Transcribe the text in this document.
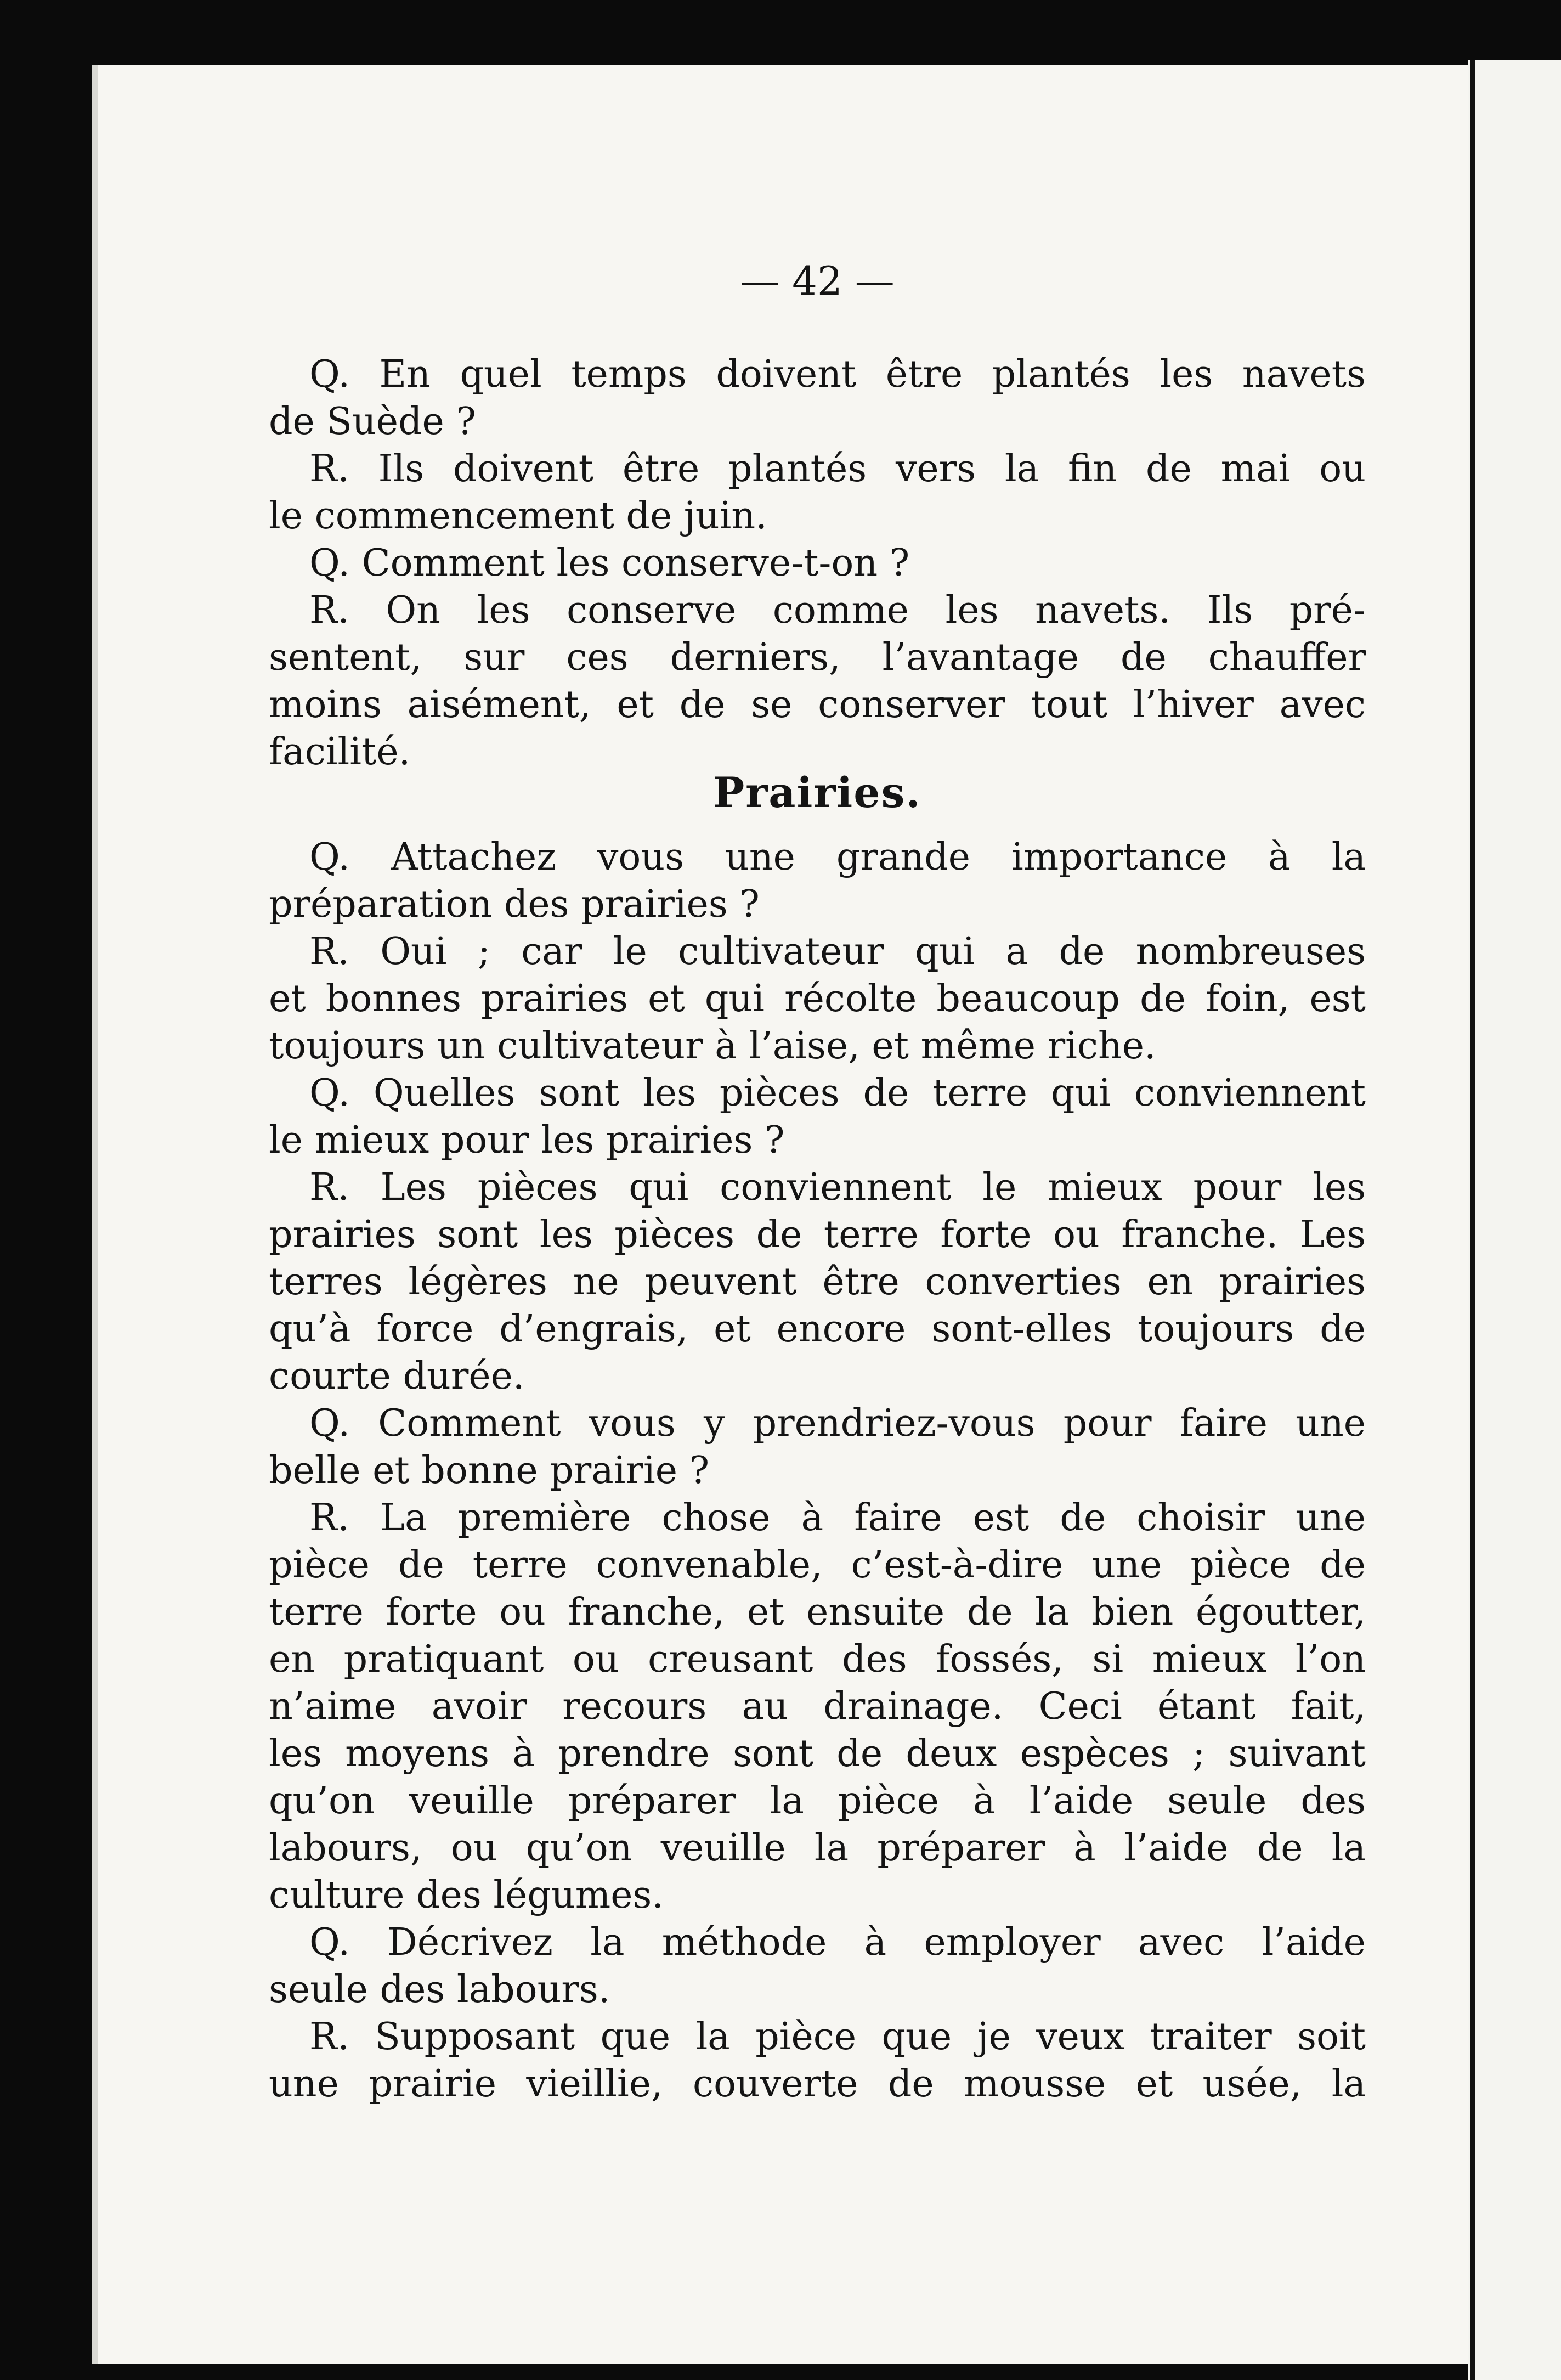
— 42 —
Q. En quel temps doivent être plantés les navets
de Suède ?
R. Ils doivent être plantés vers la fin de mai ou
le commencement de juin.
Q. Comment les conserve-t-on ?
R. On les conserve comme les navets. Ils pré-
sentent, sur ces derniers, l’avantage de chauffer
moins aisément, et de se conserver tout l’hiver avec
facilité.
Prairies.
Q. Attachez vous une grande importance à la
préparation des prairies ?
R. Oui ; car le cultivateur qui a de nombreuses
et bonnes prairies et qui récolte beaucoup de foin, est
toujours un cultivateur à l’aise, et même riche.
Q. Quelles sont les pièces de terre qui conviennent
le mieux pour les prairies ?
R. Les pièces qui conviennent le mieux pour les
prairies sont les pièces de terre forte ou franche. Les
terres légères ne peuvent être converties en prairies
qu’à force d’engrais, et encore sont-elles toujours de
courte durée.
Q. Comment vous y prendriez-vous pour faire une
belle et bonne prairie ?
R. La première chose à faire est de choisir une
pièce de terre convenable, c’est-à-dire une pièce de
terre forte ou franche, et ensuite de la bien égoutter,
en pratiquant ou creusant des fossés, si mieux l’on
n’aime avoir recours au drainage. Ceci étant fait,
les moyens à prendre sont de deux espèces ; suivant
qu’on veuille préparer la pièce à l’aide seule des
labours, ou qu’on veuille la préparer à l’aide de la
culture des légumes.
Q. Décrivez la méthode à employer avec l’aide
seule des labours.
R. Supposant que la pièce que je veux traiter soit
une prairie vieillie, couverte de mousse et usée, la
